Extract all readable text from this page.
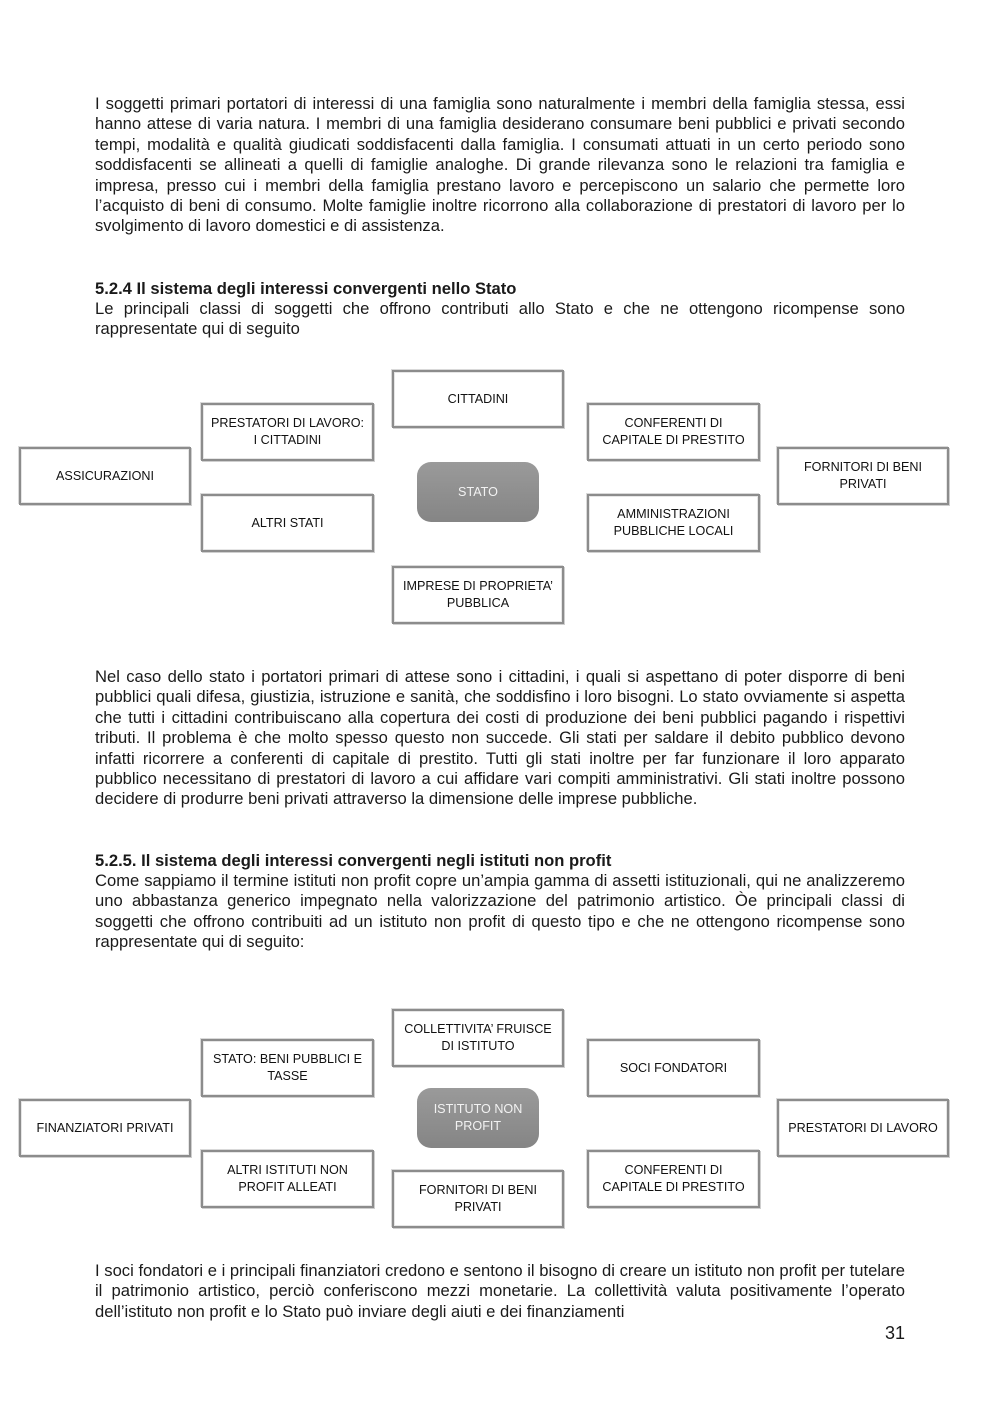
I soggetti primari portatori di interessi di una famiglia sono naturalmente i membri della famiglia stessa, essi hanno attese di varia natura. I membri di una famiglia desiderano consumare beni pubblici e privati secondo tempi, modalità e qualità giudicati soddisfacenti dalla famiglia. I consumati attuati in un certo periodo sono soddisfacenti se allineati a quelli di famiglie analoghe. Di grande rilevanza sono le relazioni tra famiglia e impresa, presso cui i membri della famiglia prestano lavoro e percepiscono un salario che permette loro l’acquisto di beni di consumo. Molte famiglie inoltre ricorrono alla collaborazione di prestatori di lavoro per lo svolgimento di lavoro domestici e di assistenza.

5.2.4 Il sistema degli interessi convergenti nello Stato

Le principali classi di soggetti che offrono contributi allo Stato e che ne ottengono ricompense sono rappresentate qui di seguito

CITTADINI
PRESTATORI DI LAVORO: I CITTADINI
CONFERENTI DI CAPITALE DI PRESTITO
ASSICURAZIONI
FORNITORI DI BENI PRIVATI
STATO
ALTRI STATI
AMMINISTRAZIONI PUBBLICHE LOCALI
IMPRESE DI PROPRIETA’ PUBBLICA

Nel caso dello stato i portatori primari di attese sono i cittadini, i quali si aspettano di poter disporre di beni pubblici quali difesa, giustizia, istruzione e sanità, che soddisfino i loro bisogni. Lo stato ovviamente si aspetta che tutti i cittadini contribuiscano alla copertura dei costi di produzione dei beni pubblici pagando i rispettivi tributi. Il problema è che molto spesso questo non succede. Gli stati per saldare il debito pubblico devono infatti ricorrere a conferenti di capitale di prestito. Tutti gli stati inoltre per far funzionare il loro apparato pubblico necessitano di prestatori di lavoro a cui affidare vari compiti amministrativi. Gli stati inoltre possono decidere di produrre beni privati attraverso la dimensione delle imprese pubbliche.

5.2.5. Il sistema degli interessi convergenti negli istituti non profit

Come sappiamo il termine istituti non profit copre un’ampia gamma di assetti istituzionali, qui ne analizzeremo uno abbastanza generico impegnato nella valorizzazione del patrimonio artistico. Òe principali classi di soggetti che offrono contribuiti ad un istituto non profit di questo tipo e che ne ottengono ricompense sono rappresentate qui di seguito:

COLLETTIVITA’ FRUISCE DI ISTITUTO
STATO: BENI PUBBLICI E TASSE
SOCI FONDATORI
FINANZIATORI PRIVATI	PRESTATORI DI LAVORO
ISTITUTO NON PROFIT
ALTRI ISTITUTI NON PROFIT ALLEATI
CONFERENTI DI CAPITALE DI PRESTITO
FORNITORI DI BENI PRIVATI

I soci fondatori e i principali finanziatori credono e sentono il bisogno di creare un istituto non profit per tutelare il patrimonio artistico, perciò conferiscono mezzi monetarie. La collettività valuta positivamente l’operato dell’istituto non profit e lo Stato può inviare degli aiuti e dei finanziamenti

31
